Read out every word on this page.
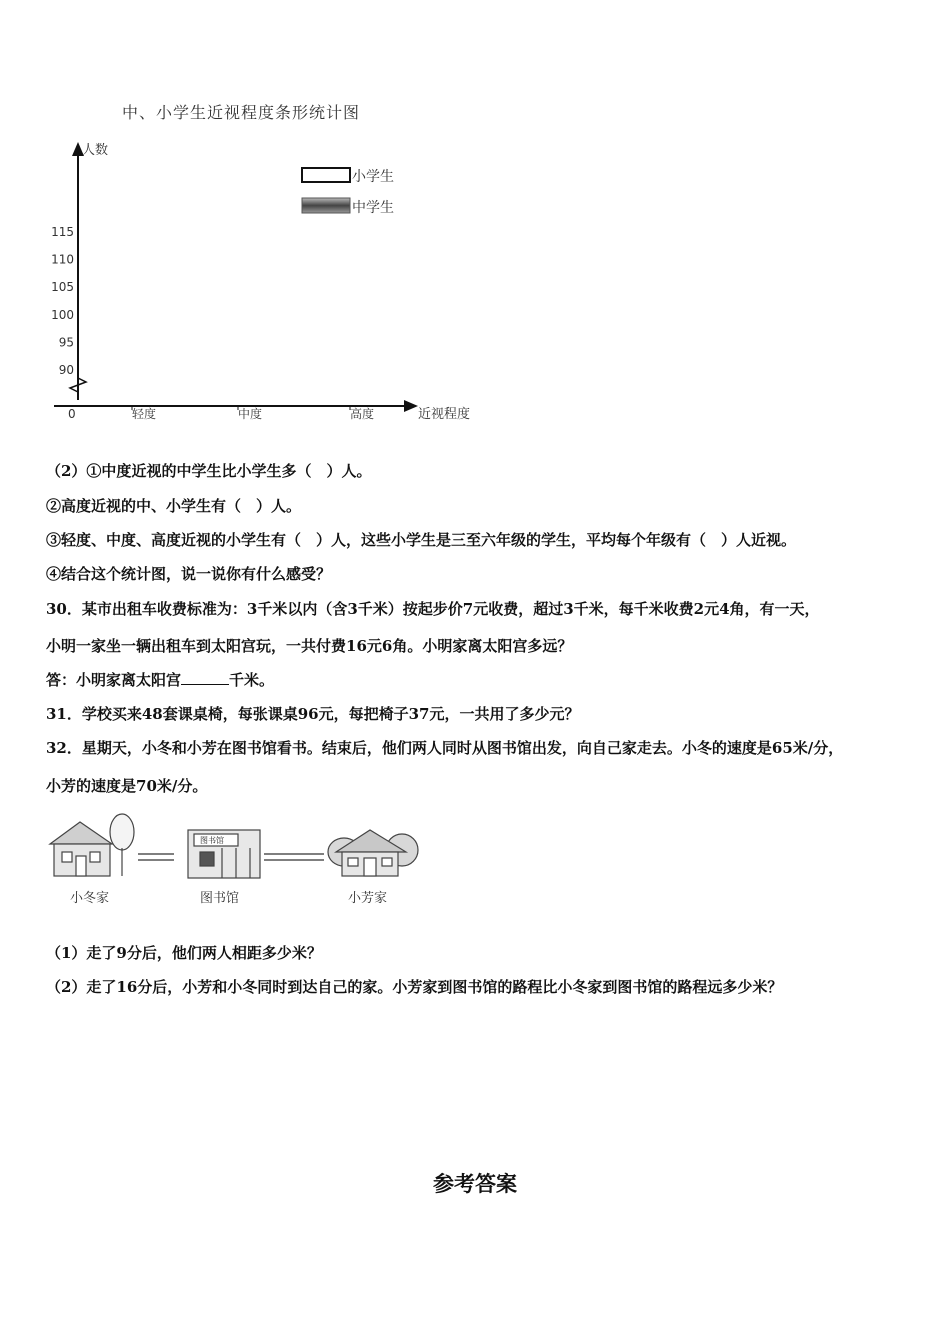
中、小学生近视程度条形统计图
人数
近视程度
0
90
95
100
105
110
115
轻度	中度	高度
小学生
中学生
（2）①中度近视的中学生比小学生多（　）人。
②高度近视的中、小学生有（　）人。
③轻度、中度、高度近视的小学生有（　）人，这些小学生是三至六年级的学生，平均每个年级有（　）人近视。
④结合这个统计图，说一说你有什么感受？
30．某市出租车收费标准为：3千米以内（含3千米）按起步价7元收费，超过3千米，每千米收费2元4角，有一天，
小明一家坐一辆出租车到太阳宫玩，一共付费16元6角。小明家离太阳宫多远？
答：小明家离太阳宫	千米。
31．学校买来48套课桌椅，每张课桌96元，每把椅子37元，一共用了多少元？
32．星期天，小冬和小芳在图书馆看书。结束后，他们两人同时从图书馆出发，向自己家走去。小冬的速度是65米/分，
小芳的速度是70米/分。
图书馆
小冬家	图书馆	小芳家
（1）走了9分后，他们两人相距多少米？
（2）走了16分后，小芳和小冬同时到达自己的家。小芳家到图书馆的路程比小冬家到图书馆的路程远多少米？
参考答案
